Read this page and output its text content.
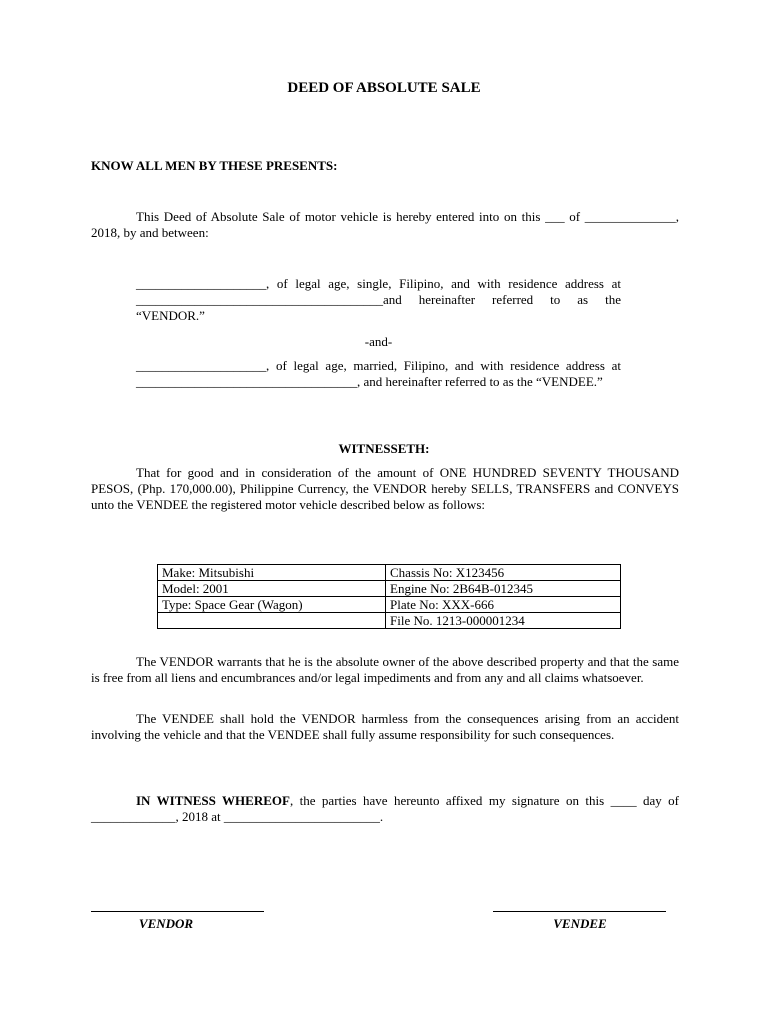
DEED OF ABSOLUTE SALE
KNOW ALL MEN BY THESE PRESENTS:
This Deed of Absolute Sale of motor vehicle is hereby entered into on this ___ of ______________, 2018, by and between:
____________________, of legal age, single, Filipino, and with residence address at ______________________________________and hereinafter referred to as the “VENDOR.”
-and-
____________________, of legal age, married, Filipino, and with residence address at __________________________________, and hereinafter referred to as the “VENDEE.”
WITNESSETH:
That for good and in consideration of the amount of ONE HUNDRED SEVENTY THOUSAND PESOS, (Php. 170,000.00), Philippine Currency, the VENDOR hereby SELLS, TRANSFERS and CONVEYS unto the VENDEE the registered motor vehicle described below as follows:
Make: Mitsubishi	Chassis No: X123456
Model: 2001	Engine No: 2B64B-012345
Type: Space Gear (Wagon)	Plate No: XXX-666
	File No. 1213-000001234
The VENDOR warrants that he is the absolute owner of the above described property and that the same is free from all liens and encumbrances and/or legal impediments and from any and all claims whatsoever.
The VENDEE shall hold the VENDOR harmless from the consequences arising from an accident involving the vehicle and that the VENDEE shall fully assume responsibility for such consequences.
IN WITNESS WHEREOF, the parties have hereunto affixed my signature on this ____ day of _____________, 2018 at ________________________.
VENDOR	VENDEE
